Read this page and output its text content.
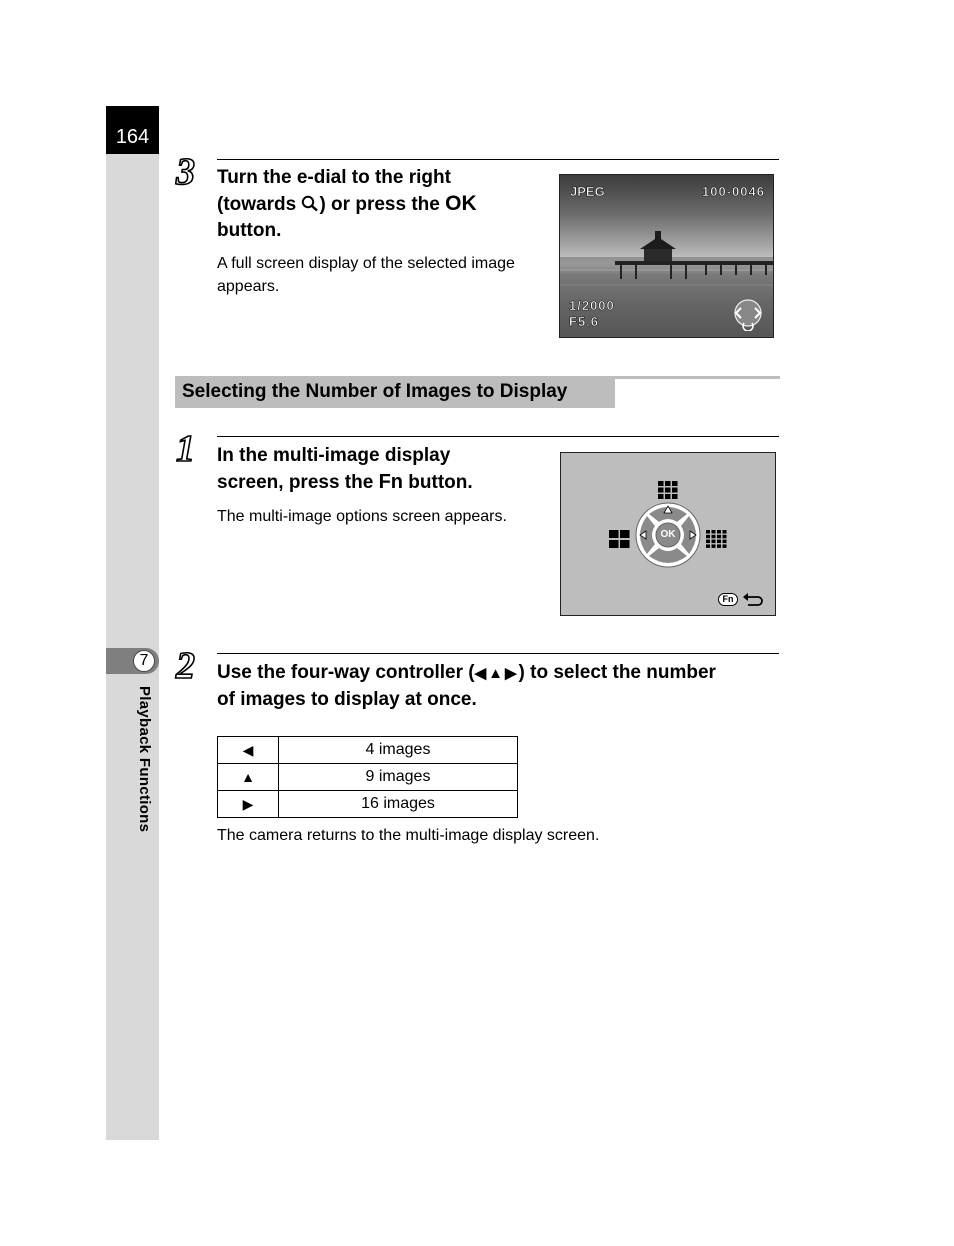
164
7
Playback Functions
3 Turn the e-dial to the right
(towards ) or press the OK
button.
A full screen display of the selected image appears.
JPEG	100-0046
1/2000
F5.6
Selecting the Number of Images to Display
1 In the multi-image display
screen, press the Fn button.
The multi-image options screen appears.
OK
Fn
2 Use the four-way controller (◀▲▶) to select the number
of images to display at once.
◀	4 images
▲	9 images
▶	16 images
The camera returns to the multi-image display screen.
